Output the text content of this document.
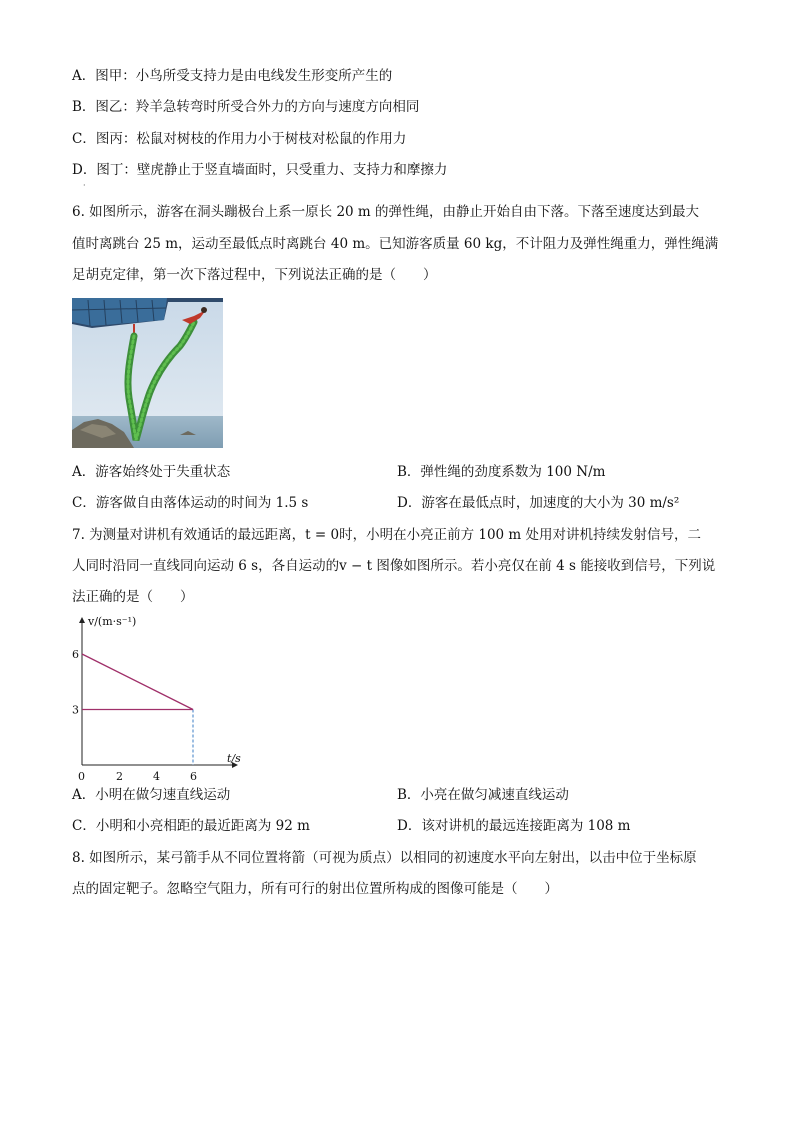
A．图甲：小鸟所受支持力是由电线发生形变所产生的
B．图乙：羚羊急转弯时所受合外力的方向与速度方向相同
C．图丙：松鼠对树枝的作用力小于树枝对松鼠的作用力
D．图丁：壁虎静止于竖直墙面时，只受重力、支持力和摩擦力
·
6. 如图所示，游客在洞头蹦极台上系一原长 20 m 的弹性绳，由静止开始自由下落。下落至速度达到最大
值时离跳台 25 m，运动至最低点时离跳台 40 m。已知游客质量 60 kg，不计阻力及弹性绳重力，弹性绳满
足胡克定律，第一次下落过程中，下列说法正确的是（　　）
A．游客始终处于失重状态	B．弹性绳的劲度系数为 100 N/m
C．游客做自由落体运动的时间为 1.5 s	D．游客在最低点时，加速度的大小为 30 m/s²
7. 为测量对讲机有效通话的最远距离，t = 0时，小明在小亮正前方 100 m 处用对讲机持续发射信号，二
人同时沿同一直线同向运动 6 s，各自运动的v − t 图像如图所示。若小亮仅在前 4 s 能接收到信号，下列说
法正确的是（　　）
v/(m·s⁻¹)
t/s
0	2	4	6
3
6
A．小明在做匀速直线运动	B．小亮在做匀减速直线运动
C．小明和小亮相距的最近距离为 92 m	D．该对讲机的最远连接距离为 108 m
8. 如图所示，某弓箭手从不同位置将箭（可视为质点）以相同的初速度水平向左射出，以击中位于坐标原
点的固定靶子。忽略空气阻力，所有可行的射出位置所构成的图像可能是（　　）
